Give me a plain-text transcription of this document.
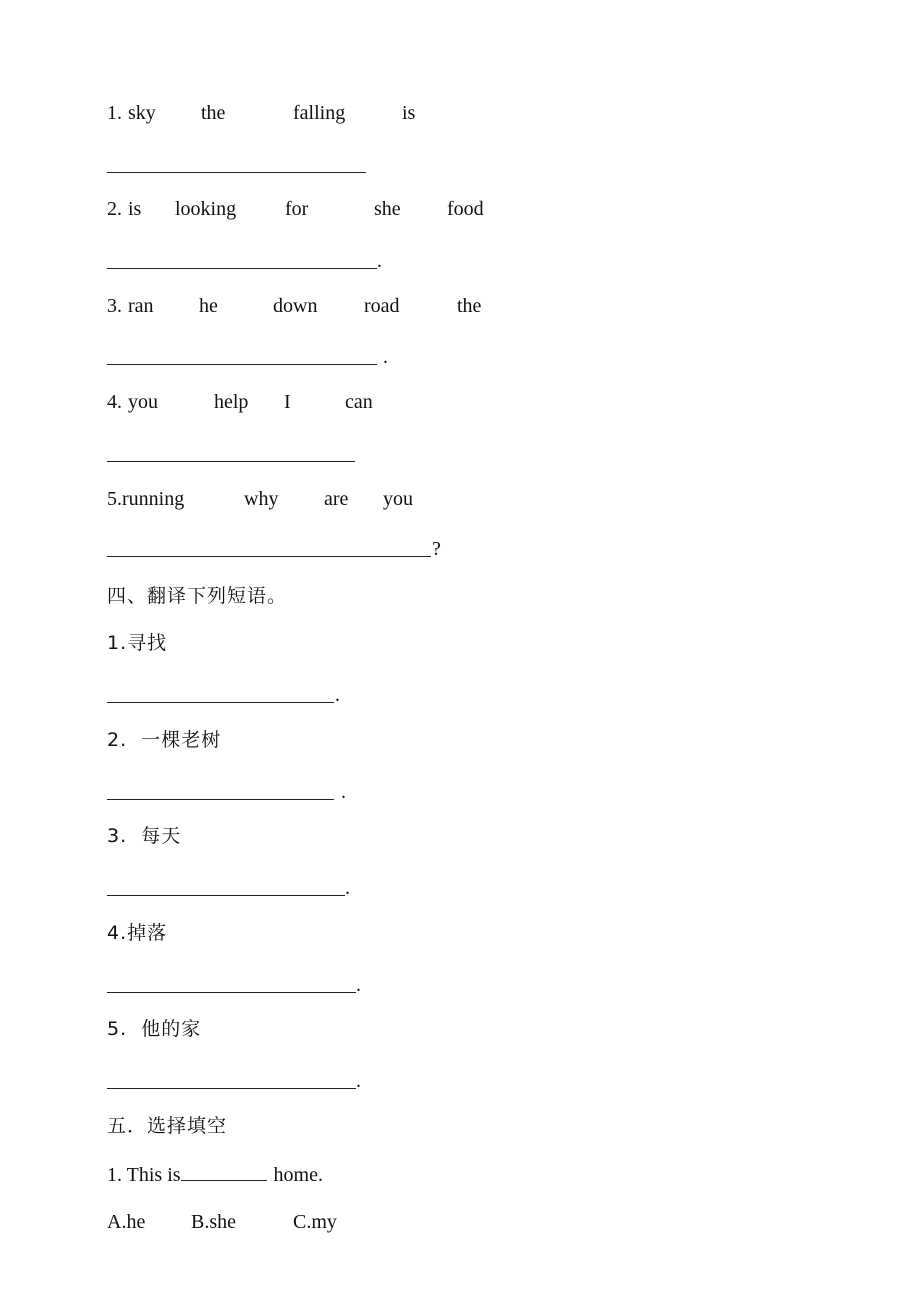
1. sky the	falling	is
2. is looking for	she food
.
3. ran he	down road	the
.
4. you	help I	can
5. running	why are you
?
四、翻译下列短语。
1.寻找
.
2.  一棵老树
.
3.  每天
.
4.掉落
.
5.  他的家
.
五．选择填空
1. This is	home.
A.he B.she	C.my
